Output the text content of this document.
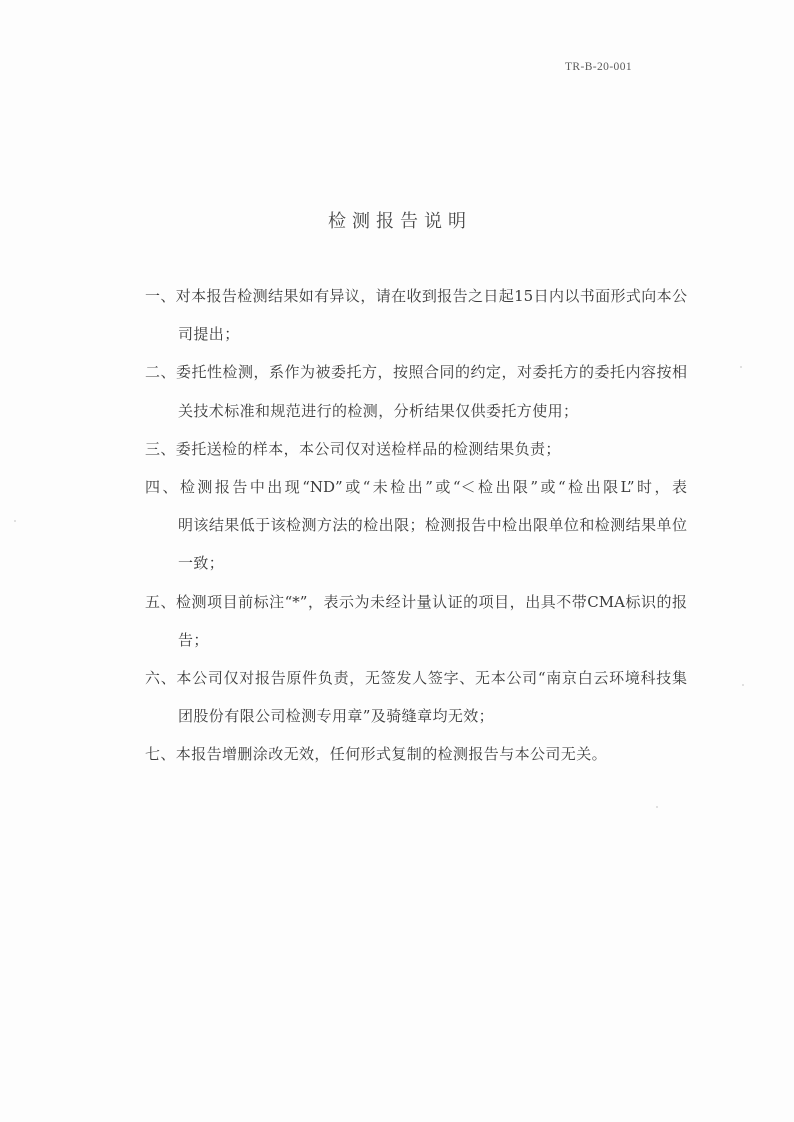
TR-B-20-001
检测报告说明
一、对本报告检测结果如有异议，请在收到报告之日起15日内以书面形式向本公
司提出；
二、委托性检测，系作为被委托方，按照合同的约定，对委托方的委托内容按相
关技术标准和规范进行的检测，分析结果仅供委托方使用；
三、委托送检的样本，本公司仅对送检样品的检测结果负责；
四、检测报告中出现“ND”或“未检出”或“＜检出限”或“检出限L”时，表
明该结果低于该检测方法的检出限；检测报告中检出限单位和检测结果单位
一致；
五、检测项目前标注“*”，表示为未经计量认证的项目，出具不带CMA标识的报
告；
六、本公司仅对报告原件负责，无签发人签字、无本公司“南京白云环境科技集
团股份有限公司检测专用章”及骑缝章均无效；
七、本报告增删涂改无效，任何形式复制的检测报告与本公司无关。
